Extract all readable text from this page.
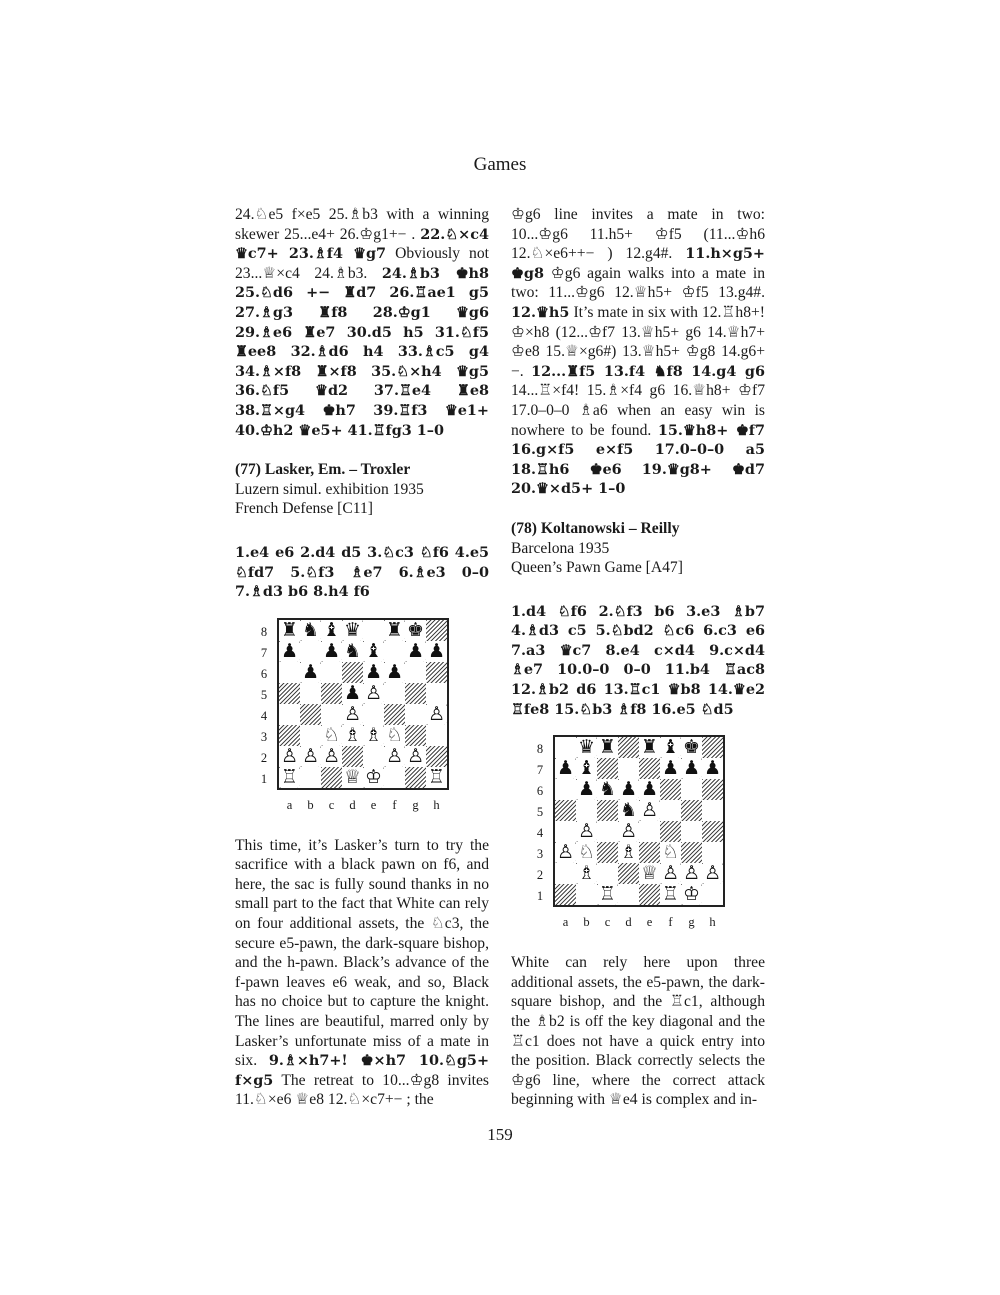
Games

24.♘e5 f×e5 25.♗b3 with a winning skewer 25...e4+ 26.♔g1+− . 22.♘×c4 ♛c7+ 23.♗f4 ♛g7 Obviously not 23...♕×c4 24.♗b3. 24.♗b3 ♚h8 25.♘d6 +− ♜d7 26.♖ae1 g5 27.♗g3 ♜f8 28.♔g1 ♛g6 29.♗e6 ♜e7 30.d5 h5 31.♘f5 ♜ee8 32.♗d6 h4 33.♗c5 g4 34.♗×f8 ♜×f8 35.♘×h4 ♛g5 36.♘f5 ♛d2 37.♖e4 ♜e8 38.♖×g4 ♚h7 39.♖f3 ♛e1+ 40.♔h2 ♛e5+ 41.♖fg3 1–0

(77) Lasker, Em. – Troxler
Luzern simul. exhibition 1935
French Defense [C11]

1.e4 e6 2.d4 d5 3.♘c3 ♘f6 4.e5 ♘fd7 5.♘f3 ♗e7 6.♗e3 0–0 7.♗d3 b6 8.h4 f6

8
7
6
5
4
3
2
1
♜ ♞ ♝ ♛ ♜ ♚
♟ ♟ ♞ ♝ ♟ ♟
♟ ♟ ♟
♟ ♙
♙	♙
♘ ♗ ♗ ♘
♙ ♙ ♙ ♙ ♙
♖ ♕ ♔ ♖
a	b	c	d	e	f	g	h

This time, it’s Lasker’s turn to try the sacrifice with a black pawn on f6, and here, the sac is fully sound thanks in no small part to the fact that White can rely on four additional assets, the ♘c3, the secure e5-pawn, the dark-square bishop, and the h-pawn. Black’s advance of the f-pawn leaves e6 weak, and so, Black has no choice but to capture the knight. The lines are beautiful, marred only by Lasker’s unfortunate miss of a mate in six. 9.♗×h7+! ♚×h7 10.♘g5+ f×g5 The retreat to 10...♔g8 invites 11.♘×e6 ♕e8 12.♘×c7+− ; the

♔g6 line invites a mate in two: 10...♔g6 11.h5+ ♔f5 (11...♔h6 12.♘×e6++− ) 12.g4#. 11.h×g5+ ♚g8 ♔g6 again walks into a mate in two: 11...♔g6 12.♕h5+ ♔f5 13.g4#. 12.♛h5 It’s mate in six with 12.♖h8+! ♔×h8 (12...♔f7 13.♕h5+ g6 14.♕h7+ ♔e8 15.♕×g6#) 13.♕h5+ ♔g8 14.g6+−. 12...♜f5 13.f4 ♞f8 14.g4 g6 14...♖×f4! 15.♗×f4 g6 16.♕h8+ ♔f7 17.0–0–0 ♗a6 when an easy win is nowhere to be found. 15.♛h8+ ♚f7 16.g×f5 e×f5 17.0–0–0 a5 18.♖h6 ♚e6 19.♛g8+ ♚d7 20.♛×d5+ 1–0

(78) Koltanowski – Reilly
Barcelona 1935
Queen’s Pawn Game [A47]

1.d4 ♘f6 2.♘f3 b6 3.e3 ♗b7 4.♗d3 c5 5.♘bd2 ♘c6 6.c3 e6 7.a3 ♛c7 8.e4 c×d4 9.c×d4 ♗e7 10.0–0 0–0 11.b4 ♖ac8 12.♗b2 d6 13.♖c1 ♛b8 14.♛e2 ♖fe8 15.♘b3 ♗f8 16.e5 ♘d5

8
7
6
5
4
3
2
1
♛ ♜ ♜ ♝ ♚
♟ ♝	♟ ♟ ♟
♟ ♞ ♟ ♟
♞ ♙
♙ ♙
♙ ♘ ♗ ♘
♗ ♕ ♙ ♙ ♙
♖ ♖ ♔
a	b	c	d	e	f	g	h

White can rely here upon three additional assets, the e5-pawn, the dark-square bishop, and the ♖c1, although the ♗b2 is off the key diagonal and the ♖c1 does not have a quick entry into the position. Black correctly selects the ♔g6 line, where the correct attack beginning with ♕e4 is complex and in-

159
